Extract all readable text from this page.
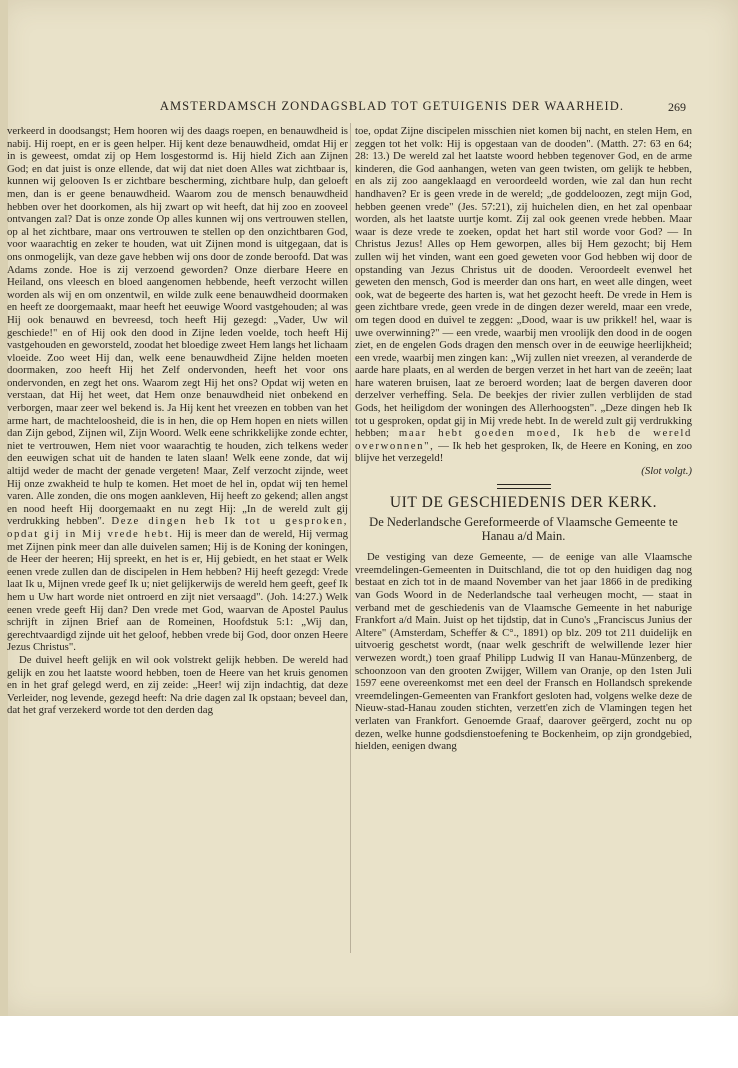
AMSTERDAMSCH ZONDAGSBLAD TOT GETUIGENIS DER WAARHEID.	269

verkeerd in doodsangst; Hem hooren wij des daags roepen, en benauwdheid is nabij. Hij roept, en er is geen helper. Hij kent deze benauwdheid, omdat Hij er in is geweest, omdat zij op Hem losgestormd is. Hij hield Zich aan Zijnen God; en dat juist is onze ellende, dat wij dat niet doen Alles wat zichtbaar is, kunnen wij gelooven Is er zichtbare bescherming, zichtbare hulp, dan geloeft men, dan is er geene benauwdheid. Waarom zou de mensch benauwdheid hebben over het doorkomen, als hij zwart op wit heeft, dat hij zoo en zooveel ontvangen zal? Dat is onze zonde Op alles kunnen wij ons vertrouwen stellen, op al het zichtbare, maar ons vertrouwen te stellen op den onzichtbaren God, voor waarachtig en zeker te houden, wat uit Zijnen mond is uitgegaan, dat is ons onmogelijk, van deze gave hebben wij ons door de zonde beroofd. Dat was Adams zonde. Hoe is zij verzoend geworden? Onze dierbare Heere en Heiland, ons vleesch en bloed aangenomen hebbende, heeft verzocht willen worden als wij en om onzentwil, en wilde zulk eene benauwdheid doormaken en heeft ze doorgemaakt, maar heeft het eeuwige Woord vastgehouden; al was Hij ook benauwd en bevreesd, toch heeft Hij gezegd: „Vader, Uw wil geschiede!" en of Hij ook den dood in Zijne leden voelde, toch heeft Hij vastgehouden en geworsteld, zoodat het bloedige zweet Hem langs het lichaam vloeide. Zoo weet Hij dan, welk eene benauwdheid Zijne helden moeten doormaken, zoo heeft Hij het Zelf ondervonden, heeft het voor ons ondervonden, en zegt het ons. Waarom zegt Hij het ons? Opdat wij weten en verstaan, dat Hij het weet, dat Hem onze benauwdheid niet onbekend en verborgen, maar zeer wel bekend is. Ja Hij kent het vreezen en tobben van het arme hart, de machteloosheid, die is in hen, die op Hem hopen en niets willen dan Zijn gebod, Zijnen wil, Zijn Woord. Welk eene schrikkelijke zonde echter, niet te vertrouwen, Hem niet voor waarachtig te houden, zich telkens weder den eeuwigen schat uit de handen te laten slaan! Welk eene zonde, dat wij altijd weder de macht der genade vergeten! Maar, Zelf verzocht zijnde, weet Hij onze zwakheid te hulp te komen. Het moet de hel in, opdat wij ten hemel varen. Alle zonden, die ons mogen aankleven, Hij heeft zo gekend; allen angst en nood heeft Hij doorgemaakt en nu zegt Hij: „In de wereld zult gij verdrukking hebben". Deze dingen heb Ik tot u gesproken, opdat gij in Mij vrede hebt. Hij is meer dan de wereld, Hij vermag met Zijnen pink meer dan alle duivelen samen; Hij is de Koning der koningen, de Heer der heeren; Hij spreekt, en het is er, Hij gebiedt, en het staat er Welk eenen vrede zullen dan de discipelen in Hem hebben? Hij heeft gezegd: Vrede laat Ik u, Mijnen vrede geef Ik u; niet gelijkerwijs de wereld hem geeft, geef Ik hem u Uw hart worde niet ontroerd en zijt niet versaagd". (Joh. 14:27.) Welk eenen vrede geeft Hij dan? Den vrede met God, waarvan de Apostel Paulus schrijft in zijnen Brief aan de Romeinen, Hoofdstuk 5:1: „Wij dan, gerechtvaardigd zijnde uit het geloof, hebben vrede bij God, door onzen Heere Jezus Christus".

De duivel heeft gelijk en wil ook volstrekt gelijk hebben. De wereld had gelijk en zou het laatste woord hebben, toen de Heere van het kruis genomen en in het graf gelegd werd, en zij zeide: „Heer! wij zijn indachtig, dat deze Verleider, nog levende, gezegd heeft: Na drie dagen zal Ik opstaan; beveel dan, dat het graf verzekerd worde tot den derden dag

toe, opdat Zijne discipelen misschien niet komen bij nacht, en stelen Hem, en zeggen tot het volk: Hij is opgestaan van de dooden". (Matth. 27: 63 en 64; 28: 13.) De wereld zal het laatste woord hebben tegenover God, en de arme kinderen, die God aanhangen, weten van geen twisten, om gelijk te hebben, en als zij zoo aangeklaagd en veroordeeld worden, wie zal dan hun recht handhaven? Er is geen vrede in de wereld; „de goddeloozen, zegt mijn God, hebben geenen vrede" (Jes. 57:21), zij huichelen dien, en het zal openbaar worden, als het laatste uurtje komt. Zij zal ook geenen vrede hebben. Maar waar is deze vrede te zoeken, opdat het hart stil worde voor God? — In Christus Jezus! Alles op Hem geworpen, alles bij Hem gezocht; bij Hem zullen wij het vinden, want een goed geweten voor God hebben wij door de opstanding van Jezus Christus uit de dooden. Veroordeelt evenwel het geweten den mensch, God is meerder dan ons hart, en weet alle dingen, weet ook, wat de begeerte des harten is, wat het gezocht heeft. De vrede in Hem is geen zichtbare vrede, geen vrede in de dingen dezer wereld, maar een vrede, om tegen dood en duivel te zeggen: „Dood, waar is uw prikkel! hel, waar is uwe overwinning?" — een vrede, waarbij men vroolijk den dood in de oogen ziet, en de engelen Gods dragen den mensch over in de eeuwige heerlijkheid; een vrede, waarbij men zingen kan: „Wij zullen niet vreezen, al veranderde de aarde hare plaats, en al werden de bergen verzet in het hart van de zeeën; laat hare wateren bruisen, laat ze beroerd worden; laat de bergen daveren door derzelver verheffing. Sela. De beekjes der rivier zullen verblijden de stad Gods, het heiligdom der woningen des Allerhoogsten". „Deze dingen heb Ik tot u gesproken, opdat gij in Mij vrede hebt. In de wereld zult gij verdrukking hebben; maar hebt goeden moed, Ik heb de wereld overwonnen", — Ik heb het gesproken, Ik, de Heere en Koning, en zoo blijve het verzegeld!

(Slot volgt.)
UIT DE GESCHIEDENIS DER KERK.
De Nederlandsche Gereformeerde of Vlaamsche Gemeente te Hanau a/d Main.

De vestiging van deze Gemeente, — de eenige van alle Vlaamsche vreemdelingen-Gemeenten in Duitschland, die tot op den huidigen dag nog bestaat en zich tot in de maand November van het jaar 1866 in de prediking van Gods Woord in de Nederlandsche taal verheugen mocht, — staat in verband met de geschiedenis van de Vlaamsche Gemeente in het naburige Frankfort a/d Main. Juist op het tijdstip, dat in Cuno's „Franciscus Junius der Altere" (Amsterdam, Scheffer & C°., 1891) op blz. 209 tot 211 duidelijk en uitvoerig geschetst wordt, (naar welk geschrift de welwillende lezer hier verwezen wordt,) toen graaf Philipp Ludwig II van Hanau-Münzenberg, de schoonzoon van den grooten Zwijger, Willem van Oranje, op den 1sten Juli 1597 eene overeenkomst met een deel der Fransch en Hollandsch sprekende vreemdelingen-Gemeenten van Frankfort gesloten had, volgens welke deze de Nieuw-stad-Hanau zouden stichten, verzett'en zich de Vlamingen tegen het verlaten van Frankfort. Genoemde Graaf, daarover geërgerd, zocht nu op dezen, welke hunne godsdienstoefening te Bockenheim, op zijn grondgebied, hielden, eenigen dwang
